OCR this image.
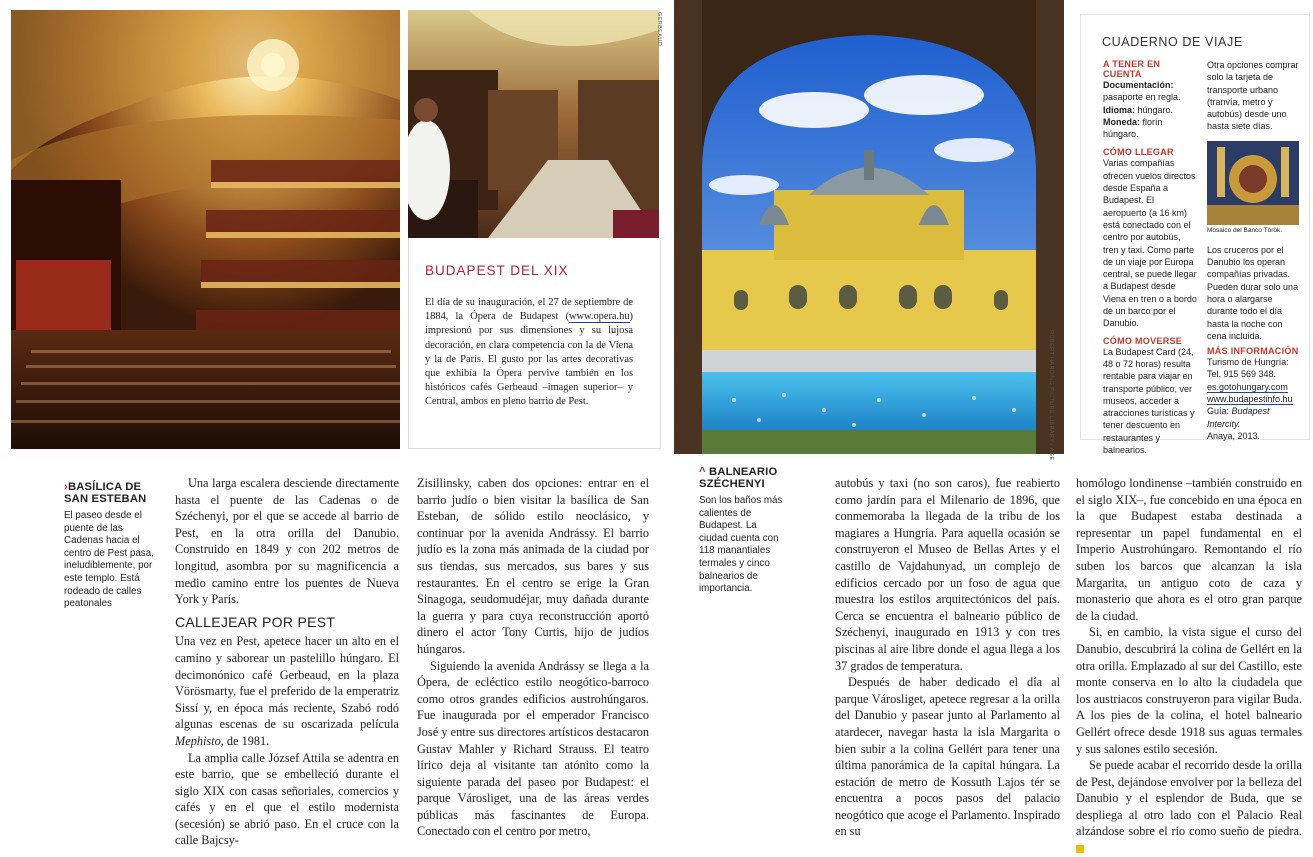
BUDAPEST DEL XIX
El día de su inauguración, el 27 de septiembre de 1884, la Ópera de Budapest (www.opera.hu) impresionó por sus dimensiones y su lujosa decoración, en clara competencia con la de Viena y la de París. El gusto por las artes decorativas que exhibía la Ópera pervive también en los históricos cafés Gerbeaud –imagen superior– y Central, ambos en pleno barrio de Pest.
GERBEAUD
ROBERT HARDING PICTURE LIBRARY / AGE
CUADERNO DE VIAJE
A TENER EN CUENTA
Documentación: pasaporte en regla.
Idioma: húngaro.
Moneda: florín húngaro.
CÓMO LLEGAR
Varias compañías ofrecen vuelos directos desde España a Budapest. El aeropuerto (a 16 km) está conectado con el centro por autobús, tren y taxi. Como parte de un viaje por Europa central, se puede llegar a Budapest desde Viena en tren o a bordo de un barco por el Danubio.
CÓMO MOVERSE
La Budapest Card (24, 48 o 72 horas) resulta rentable para viajar en transporte público, ver museos, acceder a atracciones turísticas y tener descuento en restaurantes y balnearios.
Otra opciones comprar solo la tarjeta de transporte urbano (tranvía, metro y autobús) desde uno hasta siete días.
Mosaico del Banco Török.
Los cruceros por el Danubio los operan compañías privadas. Pueden durar solo una hora o alargarse durante todo el día hasta la noche con cena incluida.
MÁS INFORMACIÓN
Turismo de Hungría:
Tel. 915 569 348.
es.gotohungary.com
www.budapestinfo.hu
Guía: Budapest Intercity.
Anaya, 2013.
›BASÍLICA DE SAN ESTEBAN
El paseo desde el puente de las Cadenas hacia el centro de Pest pasa, ineludiblemente, por este templo. Está rodeado de calles peatonales

Una larga escalera desciende directamente hasta el puente de las Cadenas o de Széchenyi, por el que se accede al barrio de Pest, en la otra orilla del Danubio. Construido en 1849 y con 202 metros de longitud, asombra por su magnificencia a medio camino entre los puentes de Nueva York y París.

CALLEJEAR POR PEST

Una vez en Pest, apetece hacer un alto en el camino y saborear un pastelillo húngaro. El decimonónico café Gerbeaud, en la plaza Vörösmarty, fue el preferido de la emperatriz Sissí y, en época más reciente, Szabó rodó algunas escenas de su oscarizada película Mephisto, de 1981.

La amplia calle József Attila se adentra en este barrio, que se embelleció durante el siglo XIX con casas señoriales, comercios y cafés y en el que el estilo modernista (secesión) se abrió paso. En el cruce con la calle Bajcsy-

Zisillinsky, caben dos opciones: entrar en el barrio judío o bien visitar la basílica de San Esteban, de sólido estilo neoclásico, y continuar por la avenida Andrássy. El barrio judío es la zona más animada de la ciudad por sus tiendas, sus mercados, sus bares y sus restaurantes. En el centro se erige la Gran Sinagoga, seudomudéjar, muy dañada durante la guerra y para cuya reconstrucción aportó dinero el actor Tony Curtis, hijo de judíos húngaros.

Siguiendo la avenida Andrássy se llega a la Ópera, de ecléctico estilo neogótico-barroco como otros grandes edificios austrohúngaros. Fue inaugurada por el emperador Francisco José y entre sus directores artísticos destacaron Gustav Mahler y Richard Strauss. El teatro lírico deja al visitante tan atónito como la siguiente parada del paseo por Budapest: el parque Városliget, una de las áreas verdes públicas más fascinantes de Europa. Conectado con el centro por metro,

^ BALNEARIO SZÉCHENYI
Son los baños más calientes de Budapest. La ciudad cuenta con 118 manantiales termales y cinco balnearios de importancia.

autobús y taxi (no son caros), fue reabierto como jardín para el Milenario de 1896, que conmemoraba la llegada de la tribu de los magiares a Hungría. Para aquella ocasión se construyeron el Museo de Bellas Artes y el castillo de Vajdahunyad, un complejo de edificios cercado por un foso de agua que muestra los estilos arquitectónicos del país. Cerca se encuentra el balneario público de Széchenyi, inaugurado en 1913 y con tres piscinas al aire libre donde el agua llega a los 37 grados de temperatura.

Después de haber dedicado el día al parque Városliget, apetece regresar a la orilla del Danubio y pasear junto al Parlamento al atardecer, navegar hasta la isla Margarita o bien subir a la colina Gellért para tener una última panorámica de la capital húngara. La estación de metro de Kossuth Lajos tér se encuentra a pocos pasos del palacio neogótico que acoge el Parlamento. Inspirado en su

homólogo londinense –también construido en el siglo XIX–, fue concebido en una época en la que Budapest estaba destinada a representar un papel fundamental en el Imperio Austrohúngaro. Remontando el río suben los barcos que alcanzan la isla Margarita, un antiguo coto de caza y monasterio que ahora es el otro gran parque de la ciudad.

Si, en cambio, la vista sigue el curso del Danubio, descubrirá la colina de Gellért en la otra orilla. Emplazado al sur del Castillo, este monte conserva en lo alto la ciudadela que los austriacos construyeron para vigilar Buda. A los pies de la colina, el hotel balneario Gellért ofrece desde 1918 sus aguas termales y sus salones estilo secesión.

Se puede acabar el recorrido desde la orilla de Pest, dejándose envolver por la belleza del Danubio y el esplendor de Buda, que se despliega al otro lado con el Palacio Real alzándose sobre el río como sueño de piedra.
